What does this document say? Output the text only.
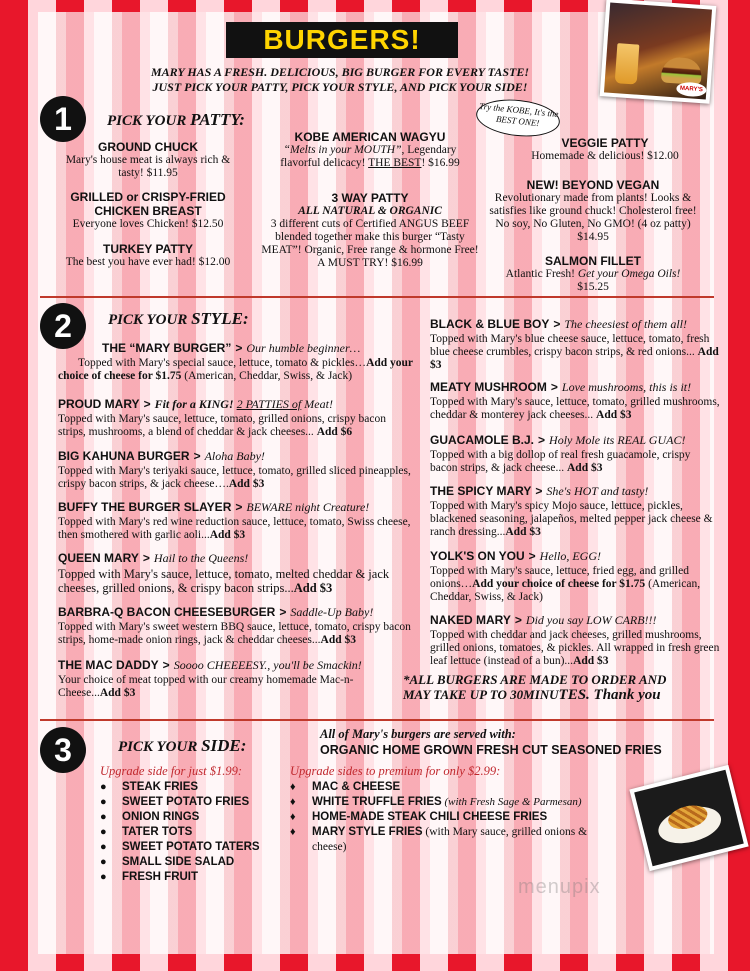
BURGERS!
MARY HAS A FRESH. DELICIOUS, BIG BURGER FOR EVERY TASTE!
JUST PICK YOUR PATTY, PICK YOUR STYLE, AND PICK YOUR SIDE!	MARY'S
1	PICK YOUR PATTY:	Try the KOBE, It's the BEST ONE!
GROUND CHUCK
Mary's house meat is always rich & tasty! $11.95
GRILLED or CRISPY-FRIED
CHICKEN BREAST
Everyone loves Chicken! $12.50
TURKEY PATTY
The best you have ever had! $12.00
KOBE AMERICAN WAGYU
“Melts in your MOUTH”, Legendary flavorful delicacy! THE BEST! $16.99
3 WAY PATTY
ALL NATURAL & ORGANIC
3 different cuts of Certified ANGUS BEEF blended together make this burger “Tasty MEAT”! Organic, Free range & hormone Free! A MUST TRY! $16.99
VEGGIE PATTY
Homemade & delicious! $12.00
NEW! BEYOND VEGAN
Revolutionary made from plants! Looks & satisfies like ground chuck! Cholesterol free! No soy, No Gluten, No GMO! (4 oz patty) $14.95
SALMON FILLET
Atlantic Fresh! Get your Omega Oils!
$15.25
2	PICK YOUR STYLE:
THE “MARY BURGER” > Our humble beginner…
Topped with Mary's special sauce, lettuce, tomato & pickles…Add your choice of cheese for $1.75 (American, Cheddar, Swiss, & Jack)
PROUD MARY > Fit for a KING! 2 PATTIES of Meat!
Topped with Mary's sauce, lettuce, tomato, grilled onions, crispy bacon strips, mushrooms, a blend of cheddar & jack cheeses... Add $6
BIG KAHUNA BURGER > Aloha Baby!
Topped with Mary's teriyaki sauce, lettuce, tomato, grilled sliced pineapples, crispy bacon strips, & jack cheese….Add $3
BUFFY THE BURGER SLAYER > BEWARE night Creature!
Topped with Mary's red wine reduction sauce, lettuce, tomato, Swiss cheese, then smothered with garlic aoli...Add $3
QUEEN MARY > Hail to the Queens!
Topped with Mary's sauce, lettuce, tomato, melted cheddar & jack cheeses, grilled onions, & crispy bacon strips...Add $3
BARBRA-Q BACON CHEESEBURGER > Saddle-Up Baby!
Topped with Mary's sweet western BBQ sauce, lettuce, tomato, crispy bacon strips, home-made onion rings, jack & cheddar cheeses...Add $3
THE MAC DADDY > Soooo CHEEEESY., you'll be Smackin!
Your choice of meat topped with our creamy homemade Mac-n-Cheese...Add $3
BLACK & BLUE BOY > The cheesiest of them all!
Topped with Mary's blue cheese sauce, lettuce, tomato, fresh blue cheese crumbles, crispy bacon strips, & red onions... Add $3
MEATY MUSHROOM > Love mushrooms, this is it!
Topped with Mary's sauce, lettuce, tomato, grilled mushrooms, cheddar & monterey jack cheeses... Add $3
GUACAMOLE B.J. > Holy Mole its REAL GUAC!
Topped with a big dollop of real fresh guacamole, crispy bacon strips, & jack cheese... Add $3
THE SPICY MARY > She's HOT and tasty!
Topped with Mary's spicy Mojo sauce, lettuce, pickles, blackened seasoning, jalapeños, melted pepper jack cheese & ranch dressing...Add $3
YOLK'S ON YOU > Hello, EGG!
Topped with Mary's sauce, lettuce, fried egg, and grilled onions…Add your choice of cheese for $1.75 (American, Cheddar, Swiss, & Jack)
NAKED MARY > Did you say LOW CARB!!!
Topped with cheddar and jack cheeses, grilled mushrooms, grilled onions, tomatoes, & pickles. All wrapped in fresh green leaf lettuce (instead of a bun)...Add $3
*ALL BURGERS ARE MADE TO ORDER AND
MAY TAKE UP TO 30MINUTES. Thank you
3	PICK YOUR SIDE:
All of Mary's burgers are served with:
ORGANIC HOME GROWN FRESH CUT SEASONED FRIES
Upgrade side for just $1.99:	Upgrade sides to premium for only $2.99:
● STEAK FRIES
● SWEET POTATO FRIES
● ONION RINGS
● TATER TOTS
● SWEET POTATO TATERS
● SMALL SIDE SALAD
● FRESH FRUIT
♦ MAC & CHEESE
♦ WHITE TRUFFLE FRIES (with Fresh Sage & Parmesan)
♦ HOME-MADE STEAK CHILI CHEESE FRIES
♦ MARY STYLE FRIES (with Mary sauce, grilled onions & cheese)
menupix
